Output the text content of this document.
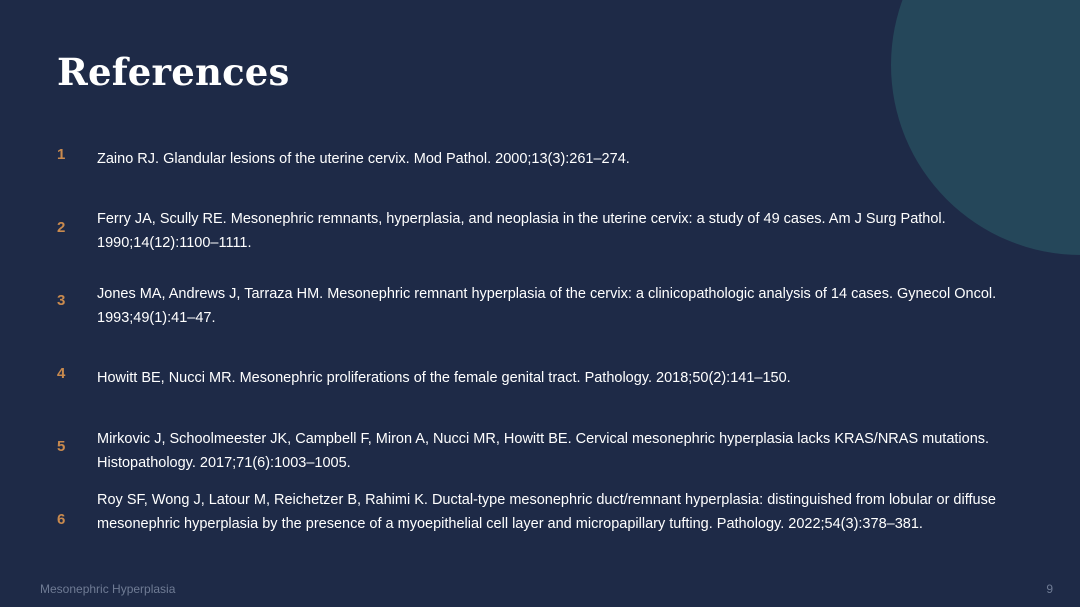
References
1 Zaino RJ. Glandular lesions of the uterine cervix. Mod Pathol. 2000;13(3):261–274.
2 Ferry JA, Scully RE. Mesonephric remnants, hyperplasia, and neoplasia in the uterine cervix: a study of 49 cases. Am J Surg Pathol. 1990;14(12):1100–1111.
3 Jones MA, Andrews J, Tarraza HM. Mesonephric remnant hyperplasia of the cervix: a clinicopathologic analysis of 14 cases. Gynecol Oncol. 1993;49(1):41–47.
4 Howitt BE, Nucci MR. Mesonephric proliferations of the female genital tract. Pathology. 2018;50(2):141–150.
5 Mirkovic J, Schoolmeester JK, Campbell F, Miron A, Nucci MR, Howitt BE. Cervical mesonephric hyperplasia lacks KRAS/NRAS mutations. Histopathology. 2017;71(6):1003–1005.
6
Roy SF, Wong J, Latour M, Reichetzer B, Rahimi K. Ductal-type mesonephric duct/remnant hyperplasia: distinguished from lobular or diffuse mesonephric hyperplasia by the presence of a myoepithelial cell layer and micropapillary tufting. Pathology. 2022;54(3):378–381.
Mesonephric Hyperplasia	9
